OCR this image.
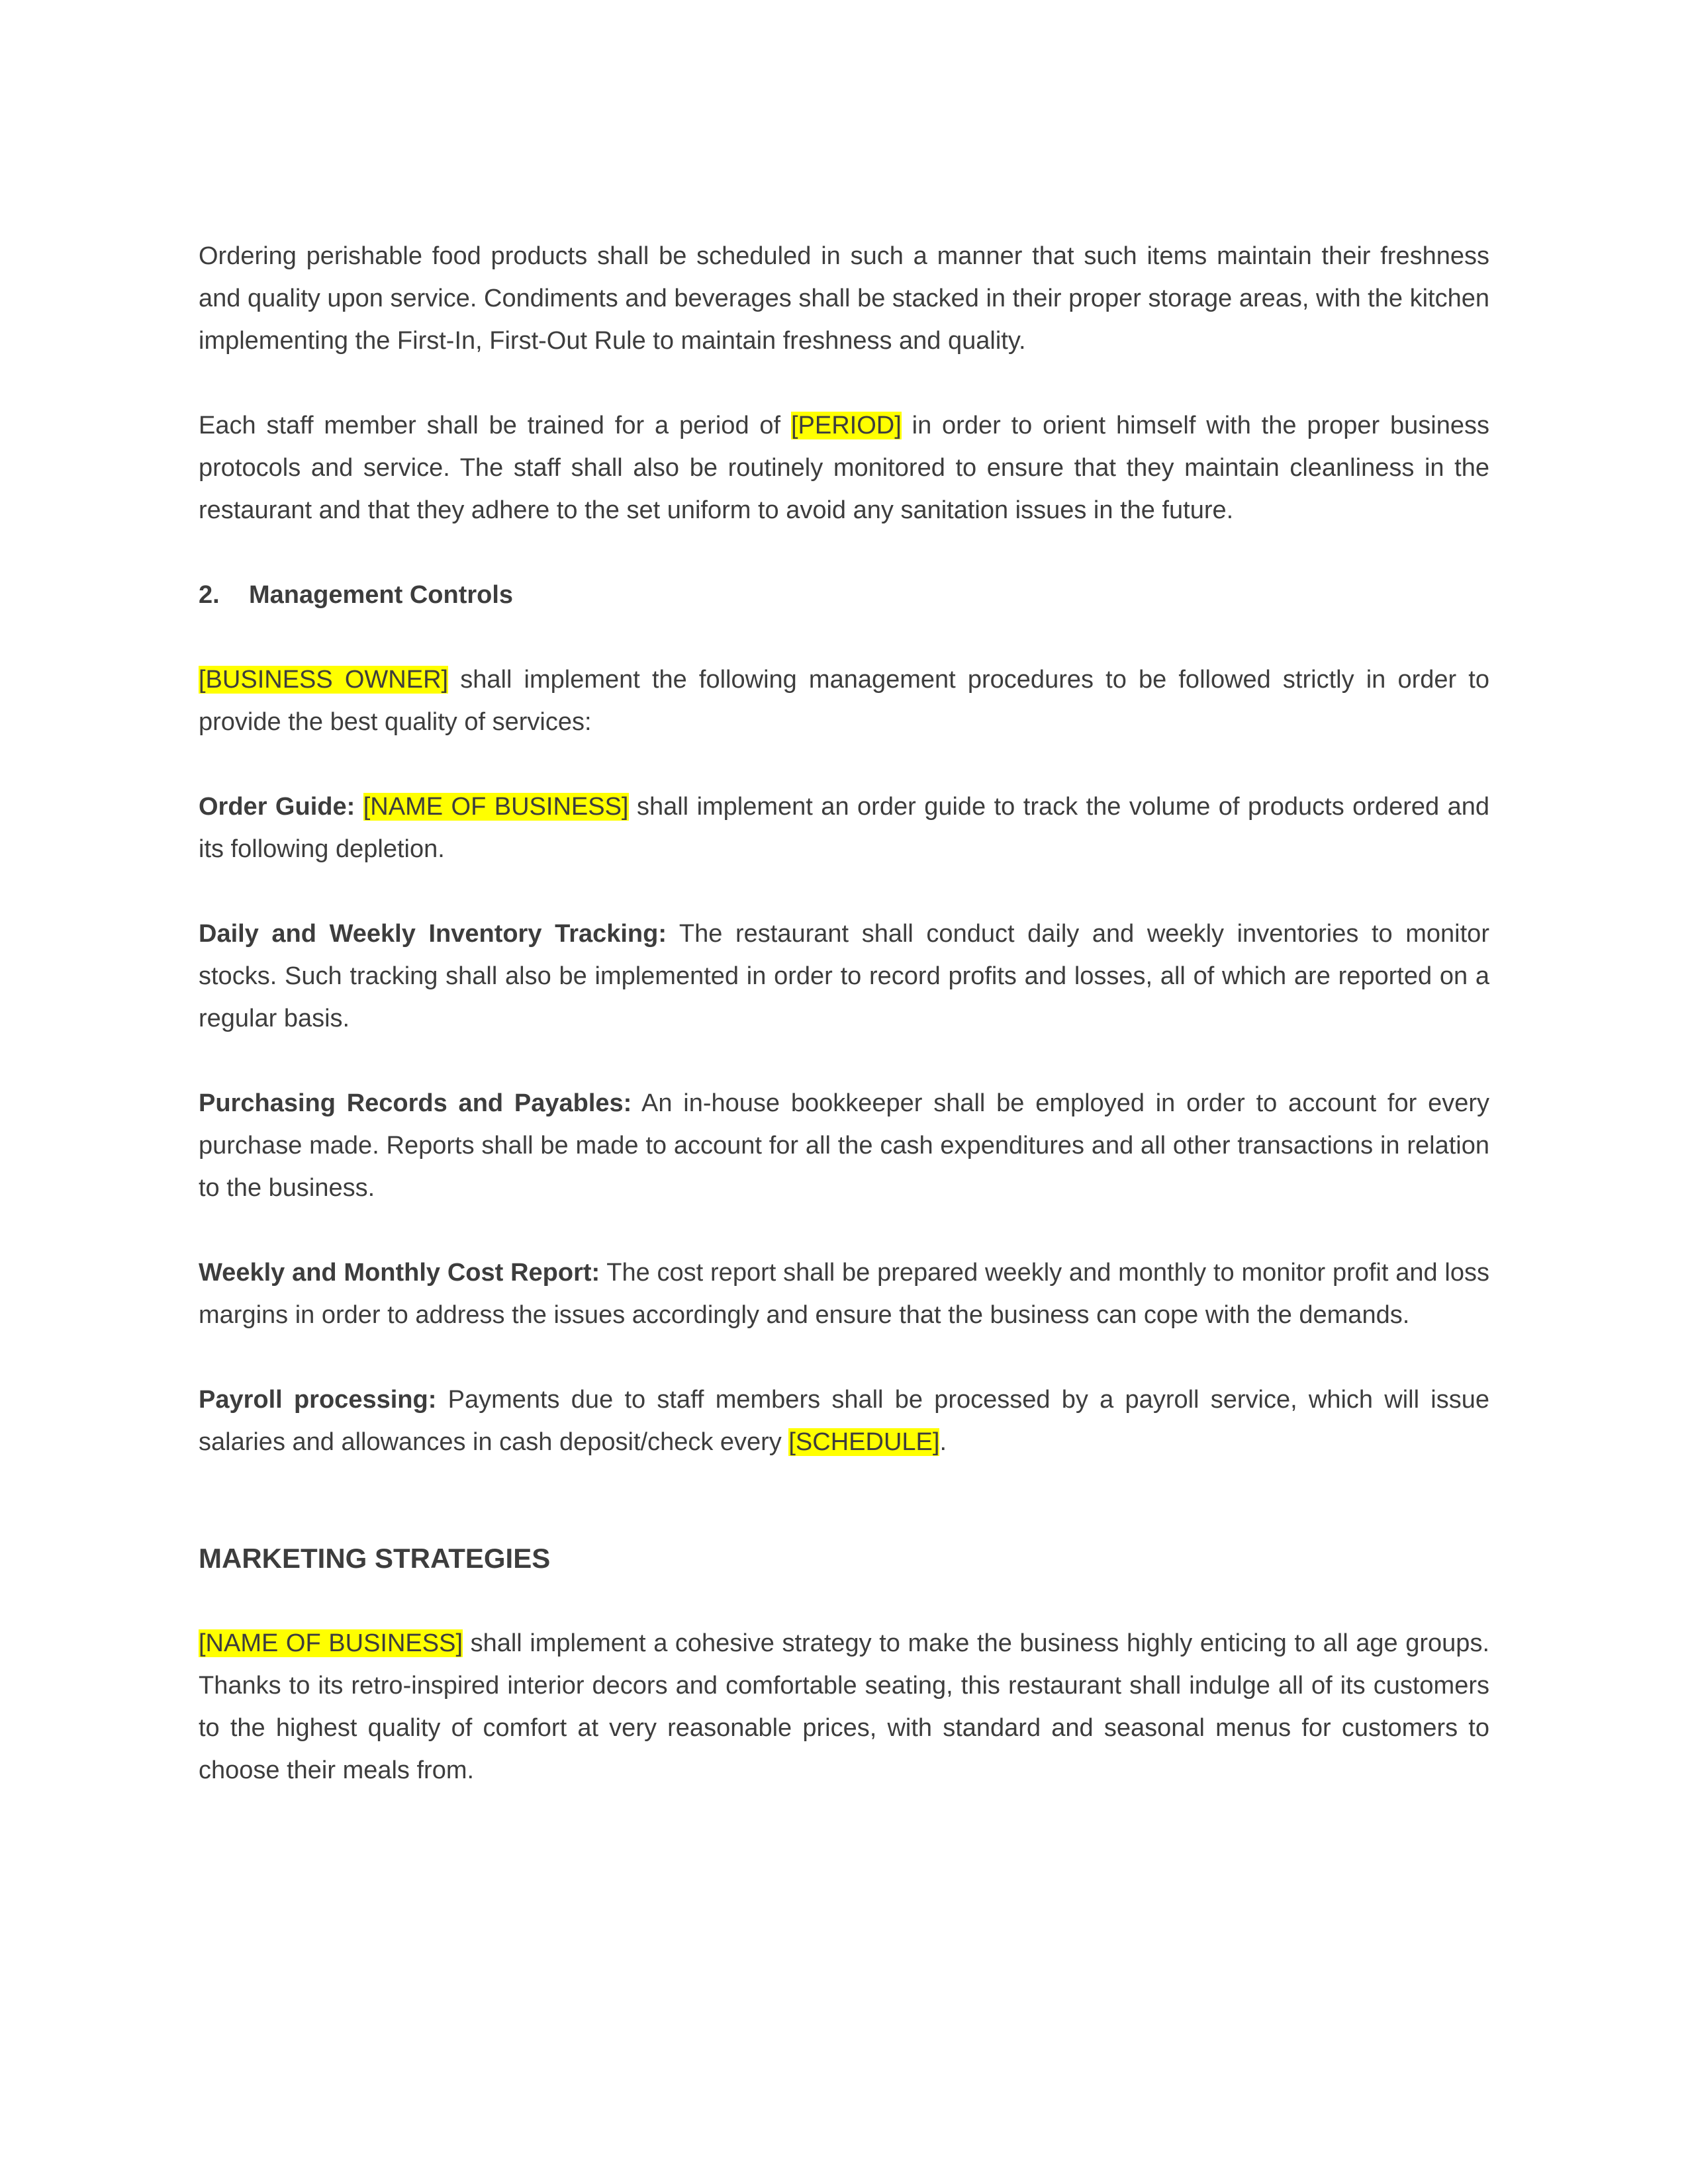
Ordering perishable food products shall be scheduled in such a manner that such items maintain their freshness and quality upon service. Condiments and beverages shall be stacked in their proper storage areas, with the kitchen implementing the First-In, First-Out Rule to maintain freshness and quality.

Each staff member shall be trained for a period of [PERIOD] in order to orient himself with the proper business protocols and service. The staff shall also be routinely monitored to ensure that they maintain cleanliness in the restaurant and that they adhere to the set uniform to avoid any sanitation issues in the future.

2. Management Controls

[BUSINESS OWNER] shall implement the following management procedures to be followed strictly in order to provide the best quality of services:

Order Guide: [NAME OF BUSINESS] shall implement an order guide to track the volume of products ordered and its following depletion.

Daily and Weekly Inventory Tracking: The restaurant shall conduct daily and weekly inventories to monitor stocks. Such tracking shall also be implemented in order to record profits and losses, all of which are reported on a regular basis.

Purchasing Records and Payables: An in-house bookkeeper shall be employed in order to account for every purchase made. Reports shall be made to account for all the cash expenditures and all other transactions in relation to the business.

Weekly and Monthly Cost Report: The cost report shall be prepared weekly and monthly to monitor profit and loss margins in order to address the issues accordingly and ensure that the business can cope with the demands.

Payroll processing: Payments due to staff members shall be processed by a payroll service, which will issue salaries and allowances in cash deposit/check every [SCHEDULE].

MARKETING STRATEGIES

[NAME OF BUSINESS] shall implement a cohesive strategy to make the business highly enticing to all age groups. Thanks to its retro-inspired interior decors and comfortable seating, this restaurant shall indulge all of its customers to the highest quality of comfort at very reasonable prices, with standard and seasonal menus for customers to choose their meals from.
